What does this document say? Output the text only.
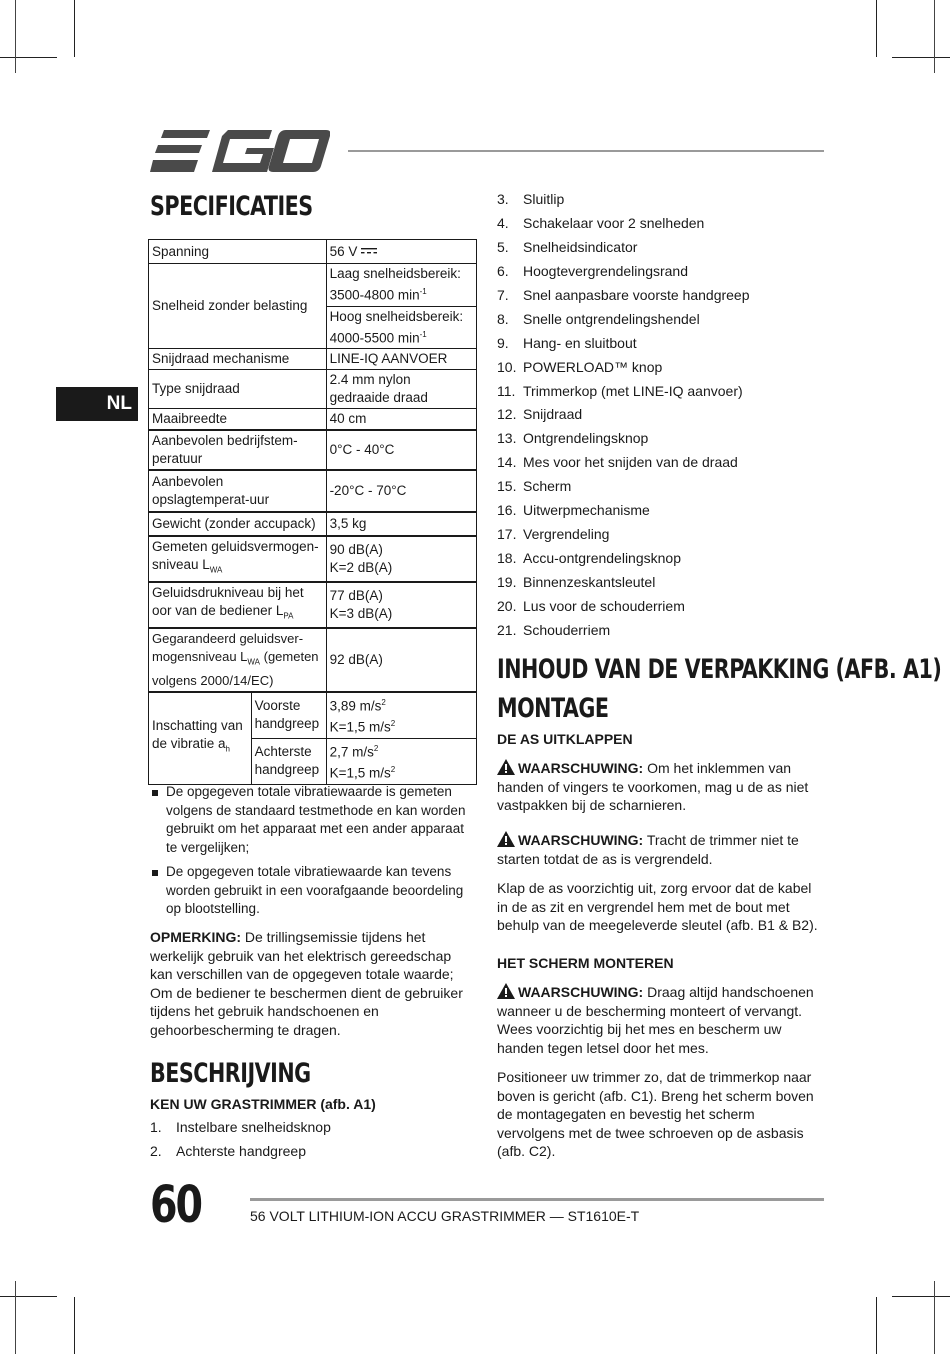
NL
SPECIFICATIES
Spanning		56 V
Snelheid zonder belasting		Laag snelheidsbereik:
3500-4800 $\min^{-1}$
		Hoog snelheidsbereik:
4000-5500 $\min^{-1}$
Snijdraad mechanisme		LINE-IQ AANVOER
Type snijdraad		2.4 mm nylon gedraaide draad
Maaibreedte		40 cm
Aanbevolen bedrijfstem-peratuur		0°C - 40°C
Aanbevolen opslagtemperat-uur		-20°C - 70°C
Gewicht (zonder accupack)		3,5 kg
Gemeten geluidsvermogen-sniveau $L_{WA}$		90 dB(A)
K=2 dB(A)
Geluidsdrukniveau bij het oor van de bediener $L_{PA}$		77 dB(A)
K=3 dB(A)
Gegarandeerd geluidsver-mogensniveau $L_{WA}$ (gemeten volgens 2000/14/EC)		92 dB(A)
Inschatting van de vibratie $a_h$	Voorste handgreep	3,89 $m/s^2$
K=1,5 $m/s^2$
	Achterste handgreep	2,7 $m/s^2$
K=1,5 $m/s^2$
De opgegeven totale vibratiewaarde is gemeten volgens de standaard testmethode en kan worden gebruikt om het apparaat met een ander apparaat te vergelijken;
De opgegeven totale vibratiewaarde kan tevens worden gebruikt in een voorafgaande beoordeling op blootstelling.
OPMERKING: De trillingsemissie tijdens het werkelijk gebruik van het elektrisch gereedschap kan verschillen van de opgegeven totale waarde; Om de bediener te beschermen dient de gebruiker tijdens het gebruik handschoenen en gehoorbescherming te dragen.
BESCHRIJVING
KEN UW GRASTRIMMER (afb. A1)
1. Instelbare snelheidsknop
2. Achterste handgreep
3. Sluitlip
4. Schakelaar voor 2 snelheden
5. Snelheidsindicator
6. Hoogtevergrendelingsrand
7. Snel aanpasbare voorste handgreep
8. Snelle ontgrendelingshendel
9. Hang- en sluitbout
10. POWERLOAD™ knop
11. Trimmerkop (met LINE-IQ aanvoer)
12. Snijdraad
13. Ontgrendelingsknop
14. Mes voor het snijden van de draad
15. Scherm
16. Uitwerpmechanisme
17. Vergrendeling
18. Accu-ontgrendelingsknop
19. Binnenzeskantsleutel
20. Lus voor de schouderriem
21. Schouderriem
INHOUD VAN DE VERPAKKING (AFB. A1)
MONTAGE
DE AS UITKLAPPEN
WAARSCHUWING: Om het inklemmen van handen of vingers te voorkomen, mag u de as niet vastpakken bij de scharnieren.
WAARSCHUWING: Tracht de trimmer niet te starten totdat de as is vergrendeld.
Klap de as voorzichtig uit, zorg ervoor dat de kabel in de as zit en vergrendel hem met de bout met behulp van de meegeleverde sleutel (afb. B1 & B2).
HET SCHERM MONTEREN
WAARSCHUWING: Draag altijd handschoenen wanneer u de bescherming monteert of vervangt. Wees voorzichtig bij het mes en bescherm uw handen tegen letsel door het mes.
Positioneer uw trimmer zo, dat de trimmerkop naar boven is gericht (afb. C1). Breng het scherm boven de montagegaten en bevestig het scherm vervolgens met de twee schroeven op de asbasis (afb. C2).
60	56 VOLT LITHIUM-ION ACCU GRASTRIMMER — ST1610E-T
